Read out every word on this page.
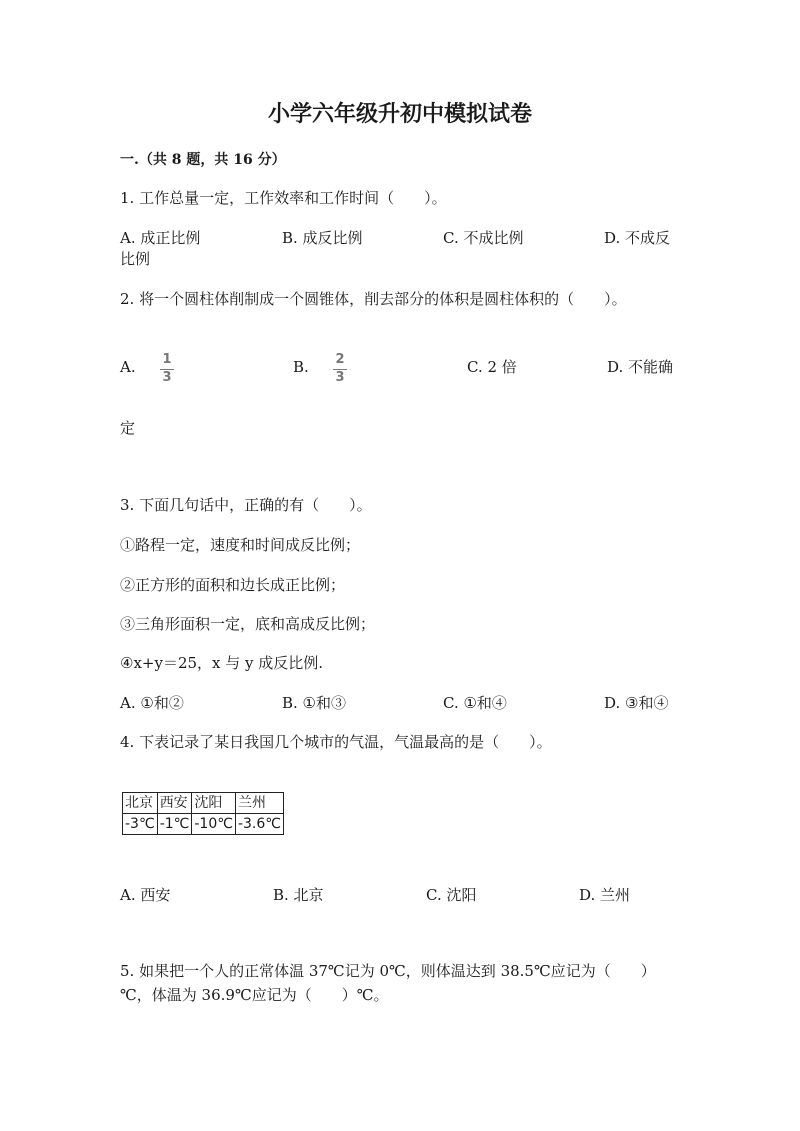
小学六年级升初中模拟试卷
一.（共 8 题，共 16 分）
1. 工作总量一定，工作效率和工作时间（　　）。
A. 成正比例	B. 成反比例	C. 不成比例	D. 不成反
比例
2. 将一个圆柱体削制成一个圆锥体，削去部分的体积是圆柱体积的（　　）。
A. 1
3
B. 2
3
C. 2 倍	D. 不能确
定
3. 下面几句话中，正确的有（　　）。
①路程一定，速度和时间成反比例；
②正方形的面积和边长成正比例；
③三角形面积一定，底和高成反比例；
④x+y＝25，x 与 y 成反比例.
A. ①和②	B. ①和③	C. ①和④	D. ③和④
4. 下表记录了某日我国几个城市的气温，气温最高的是（　　）。
北京	西安	沈阳	兰州
-3℃	-1℃	-10℃	-3.6℃
A. 西安	B. 北京	C. 沈阳	D. 兰州
5. 如果把一个人的正常体温 37℃记为 0℃，则体温达到 38.5℃应记为（　　）
℃，体温为 36.9℃应记为（　　）℃。
